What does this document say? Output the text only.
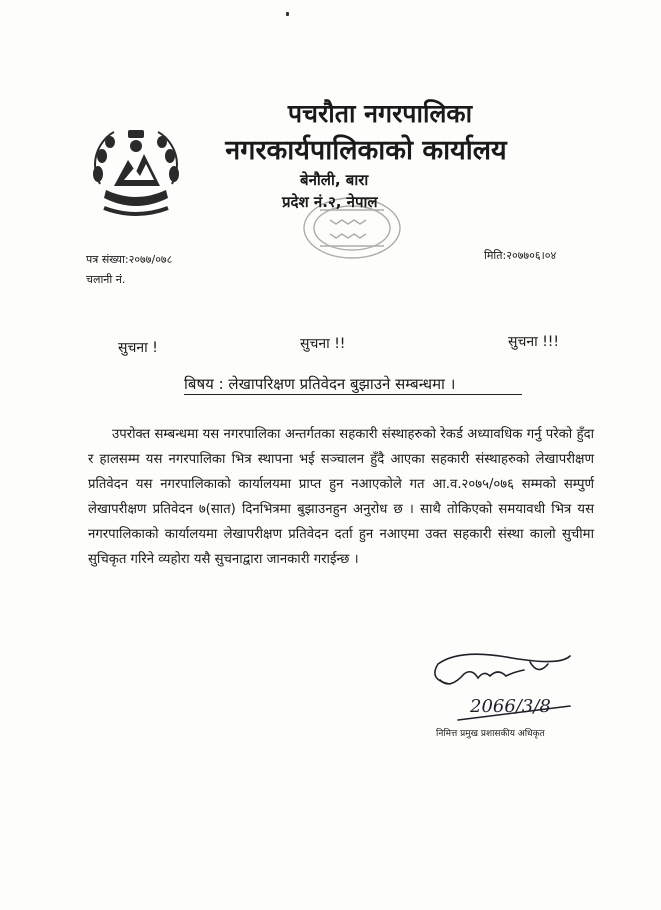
पचरौता नगरपालिका
नगरकार्यपालिकाको कार्यालय
बेनौली, बारा
प्रदेश नं.२, नेपाल
पत्र संख्या:२०७७/०७८
चलानी नं.
मिति:२०७७०६।०४
सुचना !	सुचना !!	सुचना !!!
बिषय : लेखापरिक्षण प्रतिवेदन बुझाउने सम्बन्धमा ।
उपरोक्त सम्बन्धमा यस नगरपालिका अन्तर्गतका सहकारी संस्थाहरुको रेकर्ड अध्यावधिक गर्नु परेको हुँदा र हालसम्म यस नगरपालिका भित्र स्थापना भई सञ्चालन हुँदै आएका सहकारी संस्थाहरुको लेखापरीक्षण प्रतिवेदन यस नगरपालिकाको कार्यालयमा प्राप्त हुन नआएकोले गत आ.व.२०७५/०७६ सम्मको सम्पुर्ण लेखापरीक्षण प्रतिवेदन ७(सात) दिनभित्रमा बुझाउनहुन अनुरोध छ । साथै तोकिएको समयावधी भित्र यस नगरपालिकाको कार्यालयमा लेखापरीक्षण प्रतिवेदन दर्ता हुन नआएमा उक्त सहकारी संस्था कालो सुचीमा सुचिकृत गरिने व्यहोरा यसै सुचनाद्वारा जानकारी गराईन्छ ।
2066/3/8
निमित्त प्रमुख प्रशासकीय अधिकृत
